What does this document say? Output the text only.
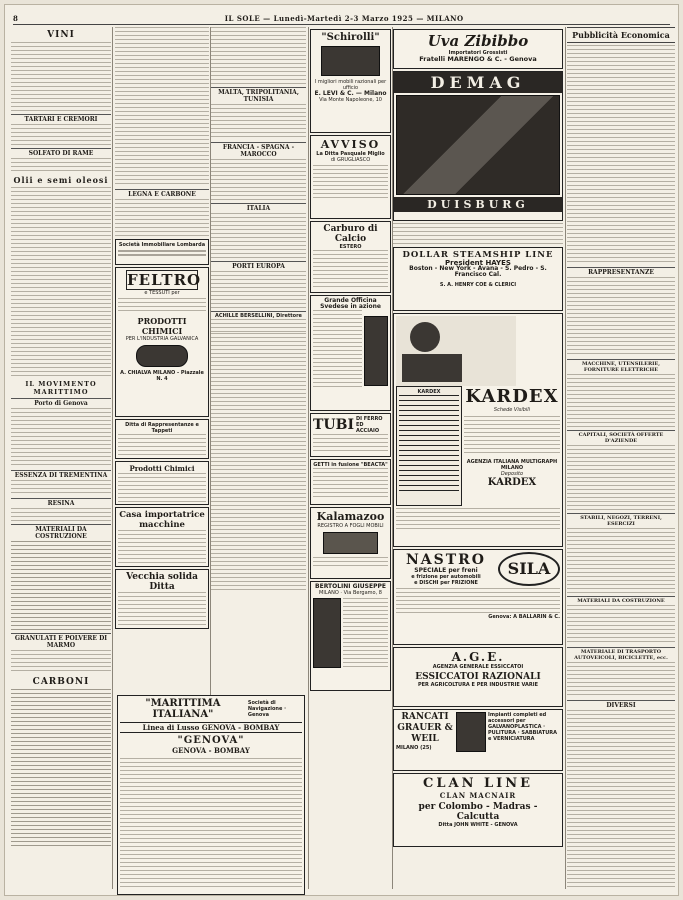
8	IL SOLE — Lunedì-Martedì 2-3 Marzo 1925 — MILANO
VINI
TARTARI E CREMORI
SOLFATO DI RAME
Olii e semi oleosi
IL MOVIMENTO MARITTIMO
Porto di Genova
ESSENZA DI TREMENTINA
RESINA
MATERIALI DA COSTRUZIONE
GRANULATI E POLVERE DI MARMO
CARBONI
LEGNA E CARBONE
Società Immobiliare Lombarda
FELTRO
e TESSUTI per
PRODOTTI CHIMICI
PER L'INDUSTRIA GALVANICA
A. CHIALVA MILANO - Piazzale N. 4
Ditta di Rappresentanze e Tappeti
Prodotti Chimici
Casa importatrice macchine
Vecchia solida Ditta
MALTA, TRIPOLITANIA, TUNISIA
FRANCIA - SPAGNA - MAROCCO
ITALIA
PORTI EUROPA
ACHILLE BERSELLINI, Direttore
"MARITTIMA ITALIANA"
Società di Navigazione · Genova
Linea di Lusso GENOVA - BOMBAY
"GENOVA"
GENOVA - BOMBAY
"Schirolli"
I migliori mobili razionali per ufficio
E. LEVI & C. — Milano
Via Monte Napoleone, 10
AVVISO
La Ditta Pasquale Miglio
di GRUGLIASCO
Carburo di Calcio
ESTERO
Grande Officina Svedese in azione
TUBI DI FERRO ED ACCIAIO
GETTI in fusione "BEACTA"
Kalamazoo
REGISTRO A FOGLI MOBILI
BERTOLINI GIUSEPPE
MILANO · Via Bergamo, 8
Uva Zibibbo
Importatori Grossisti
Fratelli MARENGO & C. - Genova
DEMAG
DUISBURG
DOLLAR STEAMSHIP LINE
President HAYES
Boston - New York - Avana - S. Pedro - S. Francisco Cal.
S. A. HENRY COE & CLERICI
KARDEX	KARDEX
Schede Visibili
AGENZIA ITALIANA MULTIGRAPH
MILANO
Deposito
KARDEX
NASTRO
SPECIALE per freni
e frizione per automobili
e DISCHI per FRIZIONE
SILA
Genova: A BALLARIN & C.
A.G.E.
AGENZIA GENERALE ESSICCATOI
ESSICCATOI RAZIONALI
PER AGRICOLTURA E PER INDUSTRIE VARIE
RANCATI GRAUER & WEIL
MILANO (25)
Impianti completi ed accessori per GALVANOPLASTICA · PULITURA · SABBIATURA e VERNICIATURA
CLAN LINE
CLAN MACNAIR
per Colombo - Madras - Calcutta
Ditta JOHN WHITE - GENOVA
Pubblicità Economica
RAPPRESENTANZE
MACCHINE, UTENSILERIE, FORNITURE ELETTRICHE
CAPITALI, SOCIETÀ OFFERTE D'AZIENDE
STABILI, NEGOZI, TERRENI, ESERCIZI
MATERIALI DA COSTRUZIONE
MATERIALE DI TRASPORTO AUTOVEICOLI, BICICLETTE, ecc.
DIVERSI
